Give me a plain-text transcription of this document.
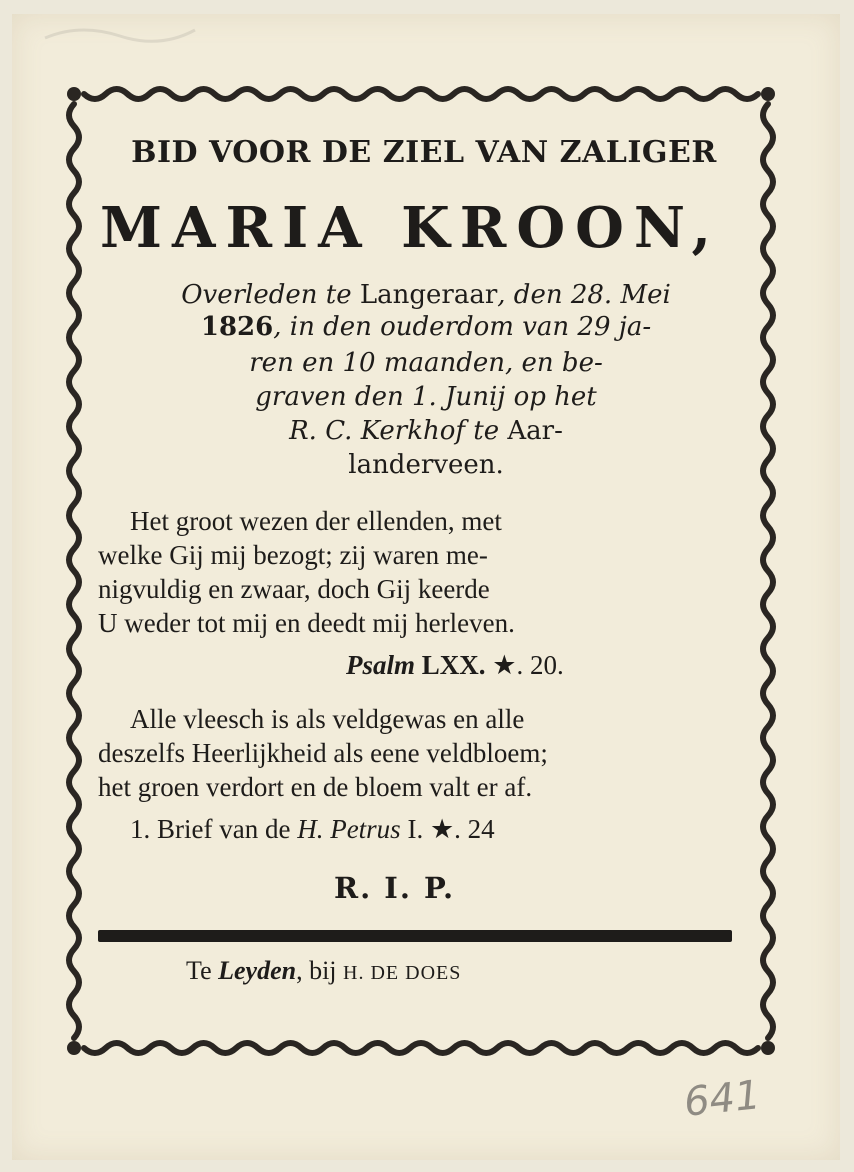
BID VOOR DE ZIEL VAN ZALIGER
MARIA KROON,
Overleden te Langeraar, den 28. Mei
1826, in den ouderdom van 29 ja-
ren en 10 maanden, en be-
graven den 1. Junij op het
R. C. Kerkhof te Aar-
landerveen.
Het groot wezen der ellenden, met
welke Gij mij bezogt; zij waren me-
nigvuldig en zwaar, doch Gij keerde
U weder tot mij en deedt mij herleven.
Psalm LXX. ★. 20.
Alle vleesch is als veldgewas en alle
deszelfs Heerlijkheid als eene veldbloem;
het groen verdort en de bloem valt er af.
1. Brief van de H. Petrus I. ★. 24
R. I. P.
Te Leyden, bij H. DE DOES
641
